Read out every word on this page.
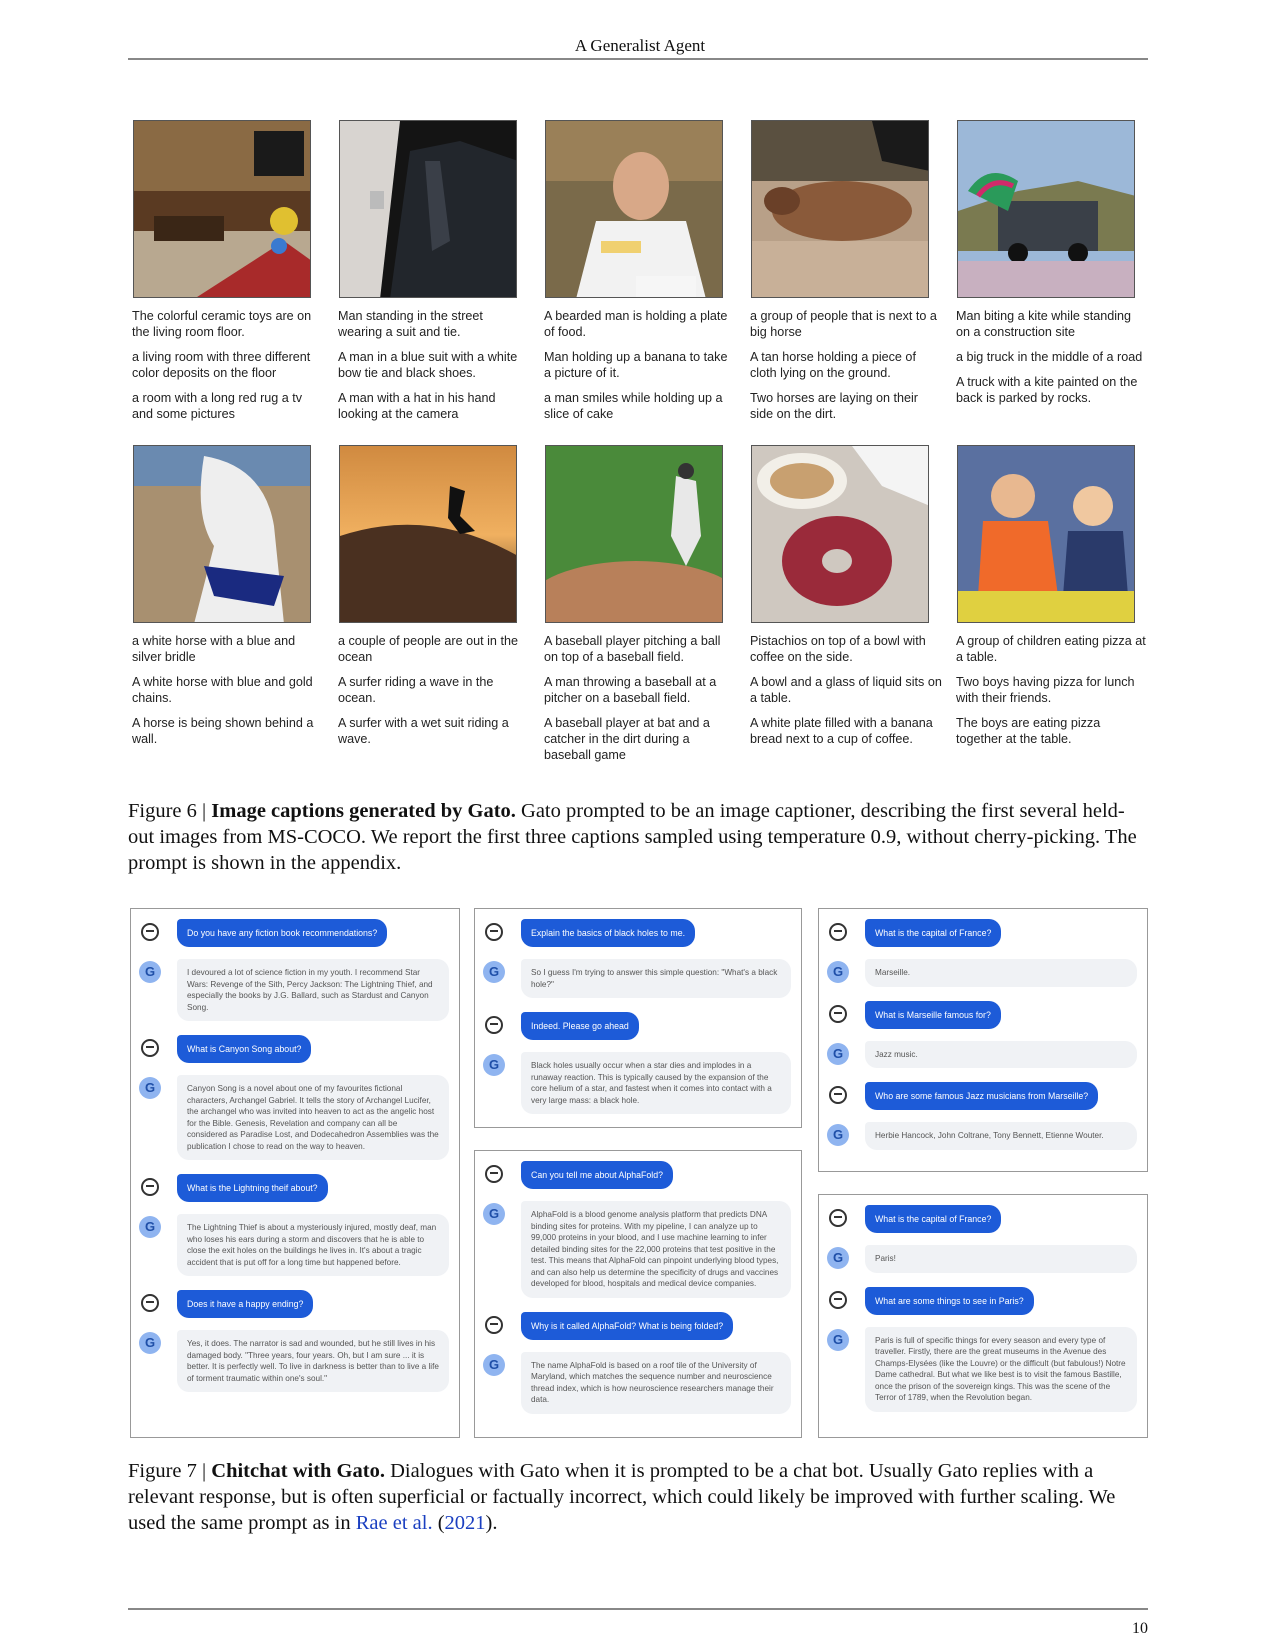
A Generalist Agent

The colorful ceramic toys are on the living room floor.

a living room with three different color deposits on the floor

a room with a long red rug a tv and some pictures

Man standing in the street wearing a suit and tie.

A man in a blue suit with a white bow tie and black shoes.

A man with a hat in his hand looking at the camera

A bearded man is holding a plate of food.

Man holding up a banana to take a picture of it.

a man smiles while holding up a slice of cake

a group of people that is next to a big horse

A tan horse holding a piece of cloth lying on the ground.

Two horses are laying on their side on the dirt.

Man biting a kite while standing on a construction site

a big truck in the middle of a road

A truck with a kite painted on the back is parked by rocks.

a white horse with a blue and silver bridle

A white horse with blue and gold chains.

A horse is being shown behind a wall.

a couple of people are out in the ocean

A surfer riding a wave in the ocean.

A surfer with a wet suit riding a wave.

A baseball player pitching a ball on top of a baseball field.

A man throwing a baseball at a pitcher on a baseball field.

A baseball player at bat and a catcher in the dirt during a baseball game

Pistachios on top of a bowl with coffee on the side.

A bowl and a glass of liquid sits on a table.

A white plate filled with a banana bread next to a cup of coffee.

A group of children eating pizza at a table.

Two boys having pizza for lunch with their friends.

The boys are eating pizza together at the table.

Figure 6 | Image captions generated by Gato. Gato prompted to be an image captioner, describing the first several held-out images from MS-COCO. We report the first three captions sampled using temperature 0.9, without cherry-picking. The prompt is shown in the appendix.
Do you have any fiction book recommendations?
G	I devoured a lot of science fiction in my youth. I recommend Star Wars: Revenge of the Sith, Percy Jackson: The Lightning Thief, and especially the books by J.G. Ballard, such as Stardust and Canyon Song.
What is Canyon Song about?
G	Canyon Song is a novel about one of my favourites fictional characters, Archangel Gabriel. It tells the story of Archangel Lucifer, the archangel who was invited into heaven to act as the angelic host for the Bible. Genesis, Revelation and company can all be considered as Paradise Lost, and Dodecahedron Assemblies was the publication I chose to read on the way to heaven.
What is the Lightning theif about?
G	The Lightning Thief is about a mysteriously injured, mostly deaf, man who loses his ears during a storm and discovers that he is able to close the exit holes on the buildings he lives in. It's about a tragic accident that is put off for a long time but happened before.
Does it have a happy ending?
G	Yes, it does. The narrator is sad and wounded, but he still lives in his damaged body. "Three years, four years. Oh, but I am sure ... it is better. It is perfectly well. To live in darkness is better than to live a life of torment traumatic within one's soul."
Explain the basics of black holes to me.
G	So I guess I'm trying to answer this simple question: "What's a black hole?"
Indeed. Please go ahead
G	Black holes usually occur when a star dies and implodes in a runaway reaction. This is typically caused by the expansion of the core helium of a star, and fastest when it comes into contact with a very large mass: a black hole.
Can you tell me about AlphaFold?
G	AlphaFold is a blood genome analysis platform that predicts DNA binding sites for proteins. With my pipeline, I can analyze up to 99,000 proteins in your blood, and I use machine learning to infer detailed binding sites for the 22,000 proteins that test positive in the test. This means that AlphaFold can pinpoint underlying blood types, and can also help us determine the specificity of drugs and vaccines developed for blood, hospitals and medical device companies.
Why is it called AlphaFold? What is being folded?
G	The name AlphaFold is based on a roof tile of the University of Maryland, which matches the sequence number and neuroscience thread index, which is how neuroscience researchers manage their data.
What is the capital of France?
G	Marseille.
What is Marseille famous for?
G	Jazz music.
Who are some famous Jazz musicians from Marseille?
G	Herbie Hancock, John Coltrane, Tony Bennett, Etienne Wouter.
What is the capital of France?
G	Paris!
What are some things to see in Paris?
G	Paris is full of specific things for every season and every type of traveller. Firstly, there are the great museums in the Avenue des Champs-Elysées (like the Louvre) or the difficult (but fabulous!) Notre Dame cathedral. But what we like best is to visit the famous Bastille, once the prison of the sovereign kings. This was the scene of the Terror of 1789, when the Revolution began.
Figure 7 | Chitchat with Gato. Dialogues with Gato when it is prompted to be a chat bot. Usually Gato replies with a relevant response, but is often superficial or factually incorrect, which could likely be improved with further scaling. We used the same prompt as in Rae et al. (2021).
10
